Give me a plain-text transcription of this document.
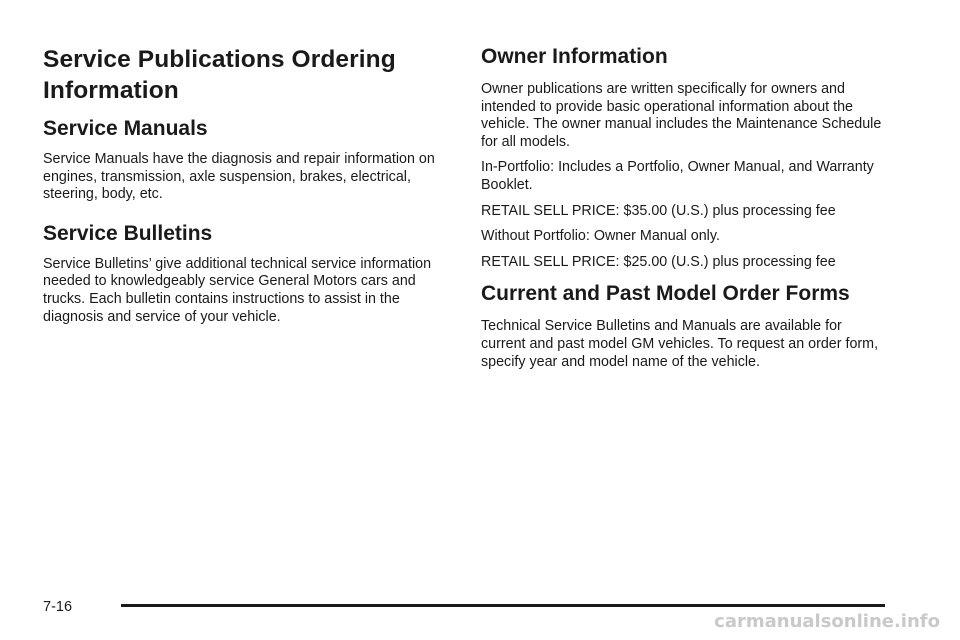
Service Publications Ordering Information
Service Manuals

Service Manuals have the diagnosis and repair information on engines, transmission, axle suspension, brakes, electrical, steering, body, etc.

Service Bulletins

Service Bulletins’ give additional technical service information needed to knowledgeably service General Motors cars and trucks. Each bulletin contains instructions to assist in the diagnosis and service of your vehicle.

Owner Information

Owner publications are written specifically for owners and intended to provide basic operational information about the vehicle. The owner manual includes the Maintenance Schedule for all models.

In-Portfolio: Includes a Portfolio, Owner Manual, and Warranty Booklet.

RETAIL SELL PRICE: $35.00 (U.S.) plus processing fee

Without Portfolio: Owner Manual only.

RETAIL SELL PRICE: $25.00 (U.S.) plus processing fee

Current and Past Model Order Forms

Technical Service Bulletins and Manuals are available for current and past model GM vehicles. To request an order form, specify year and model name of the vehicle.

7-16
carmanualsonline.info
